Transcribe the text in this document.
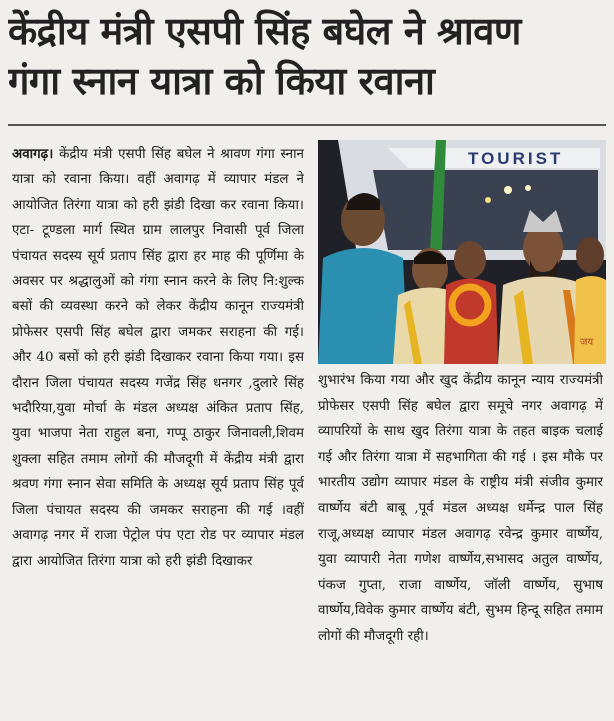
केंद्रीय मंत्री एसपी सिंह बघेल ने श्रावण
गंगा स्नान यात्रा को किया रवाना
अवागढ़। केंद्रीय मंत्री एसपी सिंह बघेल ने श्रावण गंगा स्नान यात्रा को रवाना किया। वहीं अवागढ़ में व्यापार मंडल ने आयोजित तिरंगा यात्रा को हरी झंडी दिखा कर रवाना किया। एटा- टूण्डला मार्ग स्थित ग्राम लालपुर निवासी पूर्व जिला पंचायत सदस्य सूर्य प्रताप सिंह द्वारा हर माह की पूर्णिमा के अवसर पर श्रद्धालुओं को गंगा स्नान करने के लिए नि:शुल्क बसों की व्यवस्था करने को लेकर केंद्रीय कानून राज्यमंत्री प्रोफेसर एसपी सिंह बघेल द्वारा जमकर सराहना की गई। और 40 बसों को हरी झंडी दिखाकर रवाना किया गया। इस दौरान जिला पंचायत सदस्य गजेंद्र सिंह धनगर ,दुलारे सिंह भदौरिया,युवा मोर्चा के मंडल अध्यक्ष अंकित प्रताप सिंह, युवा भाजपा नेता राहुल बना, गप्पू ठाकुर जिनावली,शिवम शुक्ला सहित तमाम लोगों की मौजदूगी में केंद्रीय मंत्री द्वारा श्रवण गंगा स्नान सेवा समिति के अध्यक्ष सूर्य प्रताप सिंह पूर्व जिला पंचायत सदस्य की जमकर सराहना की गई ।वहीं अवागढ़ नगर में राजा पेट्रोल पंप एटा रोड पर व्यापार मंडल द्वारा आयोजित तिरंगा यात्रा को हरी झंडी दिखाकर
TOURIST
जय
शुभारंभ किया गया और खुद केंद्रीय कानून न्याय राज्यमंत्री प्रोफेसर एसपी सिंह बघेल द्वारा समूचे नगर अवागढ़ में व्यापरियों के साथ खुद तिरंगा यात्रा के तहत बाइक चलाई गई और तिरंगा यात्रा में सहभागिता की गई । इस मौके पर भारतीय उद्योग व्यापार मंडल के राष्ट्रीय मंत्री संजीव कुमार वार्ष्णेय बंटी बाबू ,पूर्व मंडल अध्यक्ष धर्मेन्द्र पाल सिंह राजू,अध्यक्ष व्यापार मंडल अवागढ़ रवेन्द्र कुमार वार्ष्णेय, युवा व्यापारी नेता गणेश वार्ष्णेय,सभासद अतुल वार्ष्णेय, पंकज गुप्ता, राजा वार्ष्णेय, जॉली वार्ष्णेय, सुभाष वार्ष्णेय,विवेक कुमार वार्ष्णेय बंटी, सुभम हिन्दू सहित तमाम लोगों की मौजदूगी रही।
